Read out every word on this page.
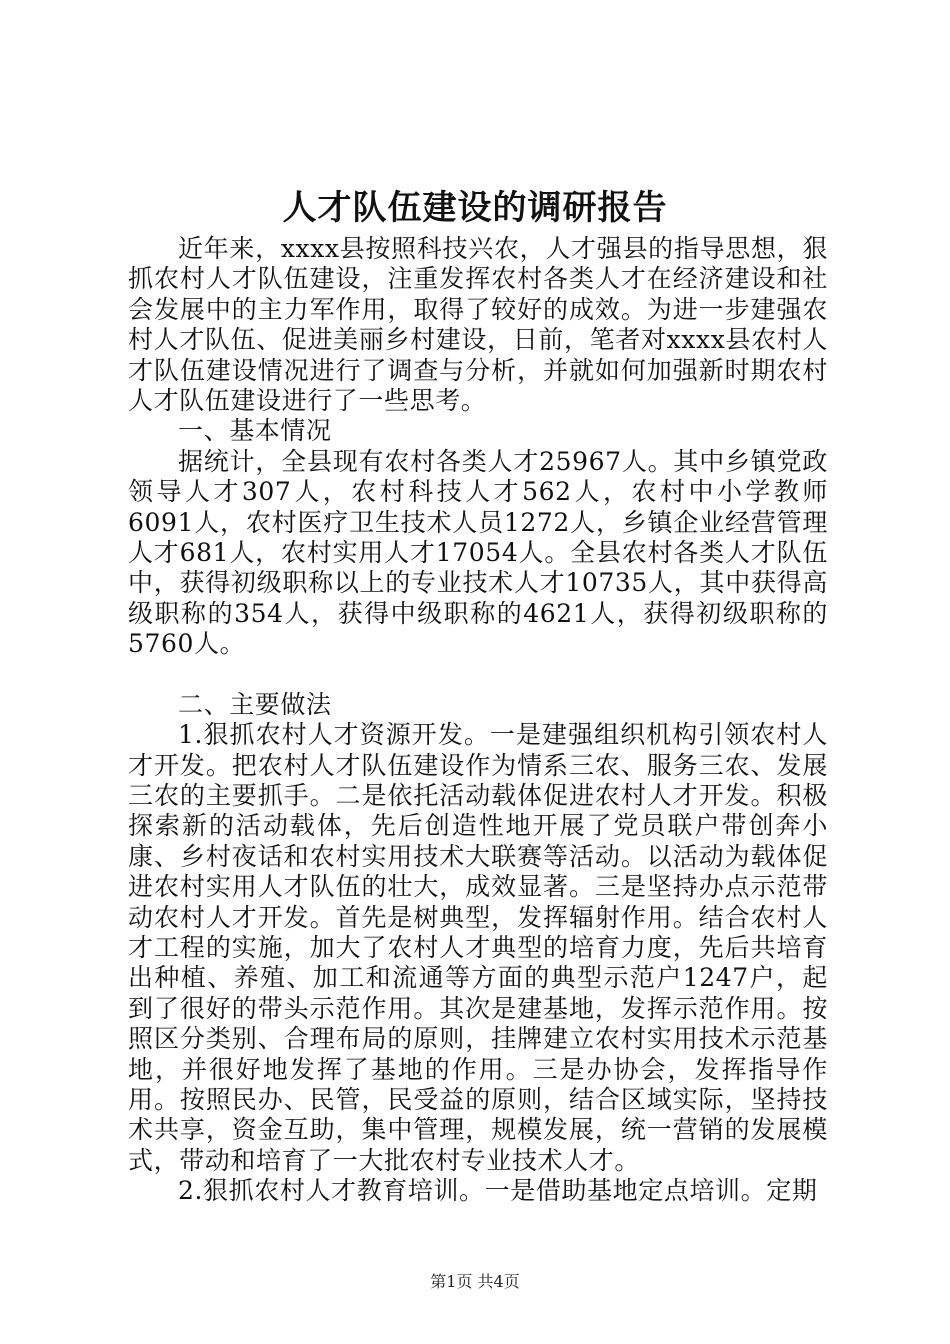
人才队伍建设的调研报告

近年来，xxxx县按照科技兴农，人才强县的指导思想，狠抓农村人才队伍建设，注重发挥农村各类人才在经济建设和社会发展中的主力军作用，取得了较好的成效。为进一步建强农村人才队伍、促进美丽乡村建设，日前，笔者对xxxx县农村人才队伍建设情况进行了调查与分析，并就如何加强新时期农村人才队伍建设进行了一些思考。

一、基本情况

据统计，全县现有农村各类人才25967人。其中乡镇党政领导人才307人，农村科技人才562人，农村中小学教师6091人，农村医疗卫生技术人员1272人，乡镇企业经营管理人才681人，农村实用人才17054人。全县农村各类人才队伍中，获得初级职称以上的专业技术人才10735人，其中获得高级职称的354人，获得中级职称的4621人，获得初级职称的5760人。

二、主要做法

1.狠抓农村人才资源开发。一是建强组织机构引领农村人才开发。把农村人才队伍建设作为情系三农、服务三农、发展三农的主要抓手。二是依托活动载体促进农村人才开发。积极探索新的活动载体，先后创造性地开展了党员联户带创奔小康、乡村夜话和农村实用技术大联赛等活动。以活动为载体促进农村实用人才队伍的壮大，成效显著。三是坚持办点示范带动农村人才开发。首先是树典型，发挥辐射作用。结合农村人才工程的实施，加大了农村人才典型的培育力度，先后共培育出种植、养殖、加工和流通等方面的典型示范户1247户，起到了很好的带头示范作用。其次是建基地，发挥示范作用。按照区分类别、合理布局的原则，挂牌建立农村实用技术示范基地，并很好地发挥了基地的作用。三是办协会，发挥指导作用。按照民办、民管，民受益的原则，结合区域实际，坚持技术共享，资金互助，集中管理，规模发展，统一营销的发展模式，带动和培育了一大批农村专业技术人才。

2.狠抓农村人才教育培训。一是借助基地定点培训。定期

第1页 共4页
